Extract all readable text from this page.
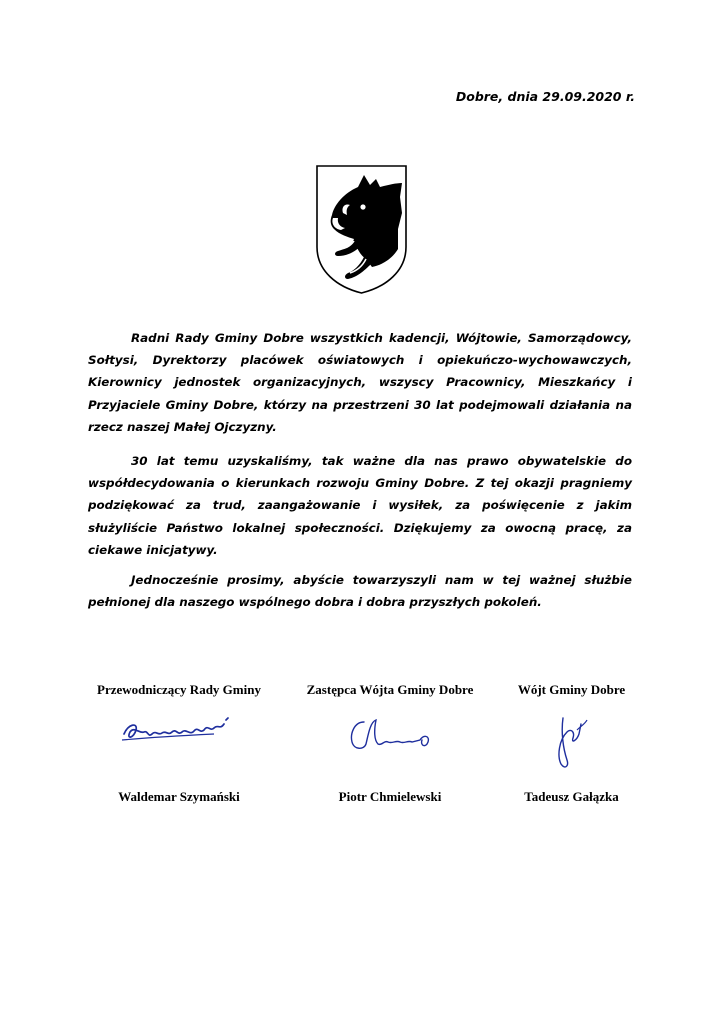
Dobre, dnia 29.09.2020 r.

Radni Rady Gminy Dobre wszystkich kadencji, Wójtowie, Samorządowcy, Sołtysi, Dyrektorzy placówek oświatowych i opiekuńczo-wychowawczych, Kierownicy jednostek organizacyjnych, wszyscy Pracownicy, Mieszkańcy i Przyjaciele Gminy Dobre, którzy na przestrzeni 30 lat podejmowali działania na rzecz naszej Małej Ojczyzny.

30 lat temu uzyskaliśmy, tak ważne dla nas prawo obywatelskie do współdecydowania o kierunkach rozwoju Gminy Dobre. Z tej okazji pragniemy podziękować za trud, zaangażowanie i wysiłek, za poświęcenie z jakim służyliście Państwo lokalnej społeczności. Dziękujemy za owocną pracę, za ciekawe inicjatywy.

Jednocześnie prosimy, abyście towarzyszyli nam w tej ważnej służbie pełnionej dla naszego wspólnego dobra i dobra przyszłych pokoleń.

Przewodniczący Rady Gminy
Waldemar Szymański
Zastępca Wójta Gminy Dobre
Piotr Chmielewski
Wójt Gminy Dobre
Tadeusz Gałązka
